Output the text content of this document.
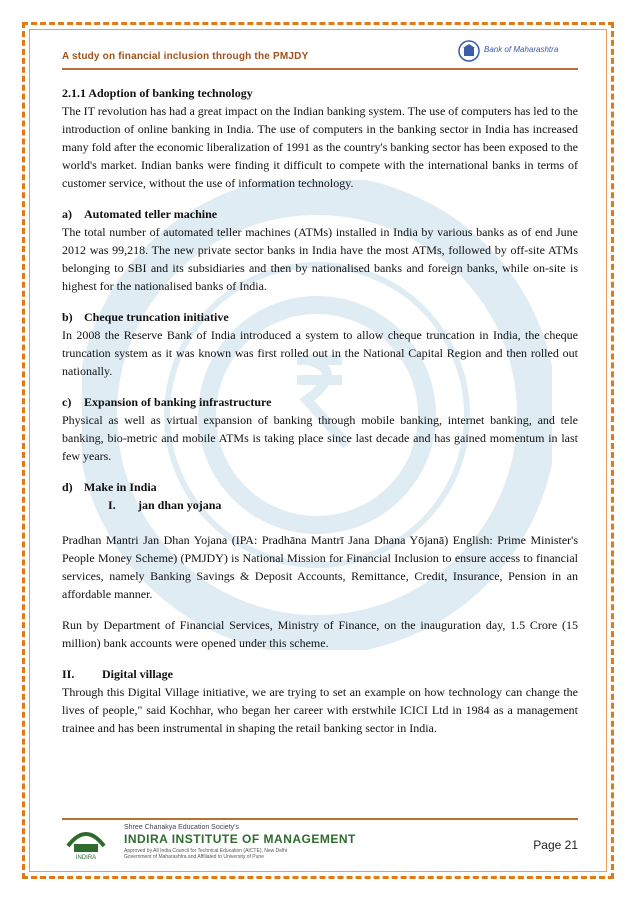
A study on financial inclusion through the PMJDY
Bank of Maharashtra

2.1.1 Adoption of banking technology

The IT revolution has had a great impact on the Indian banking system. The use of computers has led to the introduction of online banking in India. The use of computers in the banking sector in India has increased many fold after the economic liberalization of 1991 as the country's banking sector has been exposed to the world's market. Indian banks were finding it difficult to compete with the international banks in terms of customer service, without the use of information technology.

a) Automated teller machine

The total number of automated teller machines (ATMs) installed in India by various banks as of end June 2012 was 99,218. The new private sector banks in India have the most ATMs, followed by off-site ATMs belonging to SBI and its subsidiaries and then by nationalised banks and foreign banks, while on-site is highest for the nationalised banks of India.

b) Cheque truncation initiative

In 2008 the Reserve Bank of India introduced a system to allow cheque truncation in India, the cheque truncation system as it was known was first rolled out in the National Capital Region and then rolled out nationally.

c) Expansion of banking infrastructure

Physical as well as virtual expansion of banking through mobile banking, internet banking, and tele banking, bio-metric and mobile ATMs is taking place since last decade and has gained momentum in last few years.

d) Make in India

I. jan dhan yojana

Pradhan Mantri Jan Dhan Yojana (IPA: Pradhāna Mantrī Jana Dhana Yōjanā) English: Prime Minister's People Money Scheme) (PMJDY) is National Mission for Financial Inclusion to ensure access to financial services, namely Banking Savings & Deposit Accounts, Remittance, Credit, Insurance, Pension in an affordable manner.

Run by Department of Financial Services, Ministry of Finance, on the inauguration day, 1.5 Crore (15 million) bank accounts were opened under this scheme.

II. Digital village

Through this Digital Village initiative, we are trying to set an example on how technology can change the lives of people," said Kochhar, who began her career with erstwhile ICICI Ltd in 1984 as a management trainee and has been instrumental in shaping the retail banking sector in India.

INDIRA
Shree Chanakya Education Society's
INDIRA INSTITUTE OF MANAGEMENT
Approved by All India Council for Technical Education (AICTE), New Delhi
Government of Maharashtra and Affiliated to University of Pune
Page 21
